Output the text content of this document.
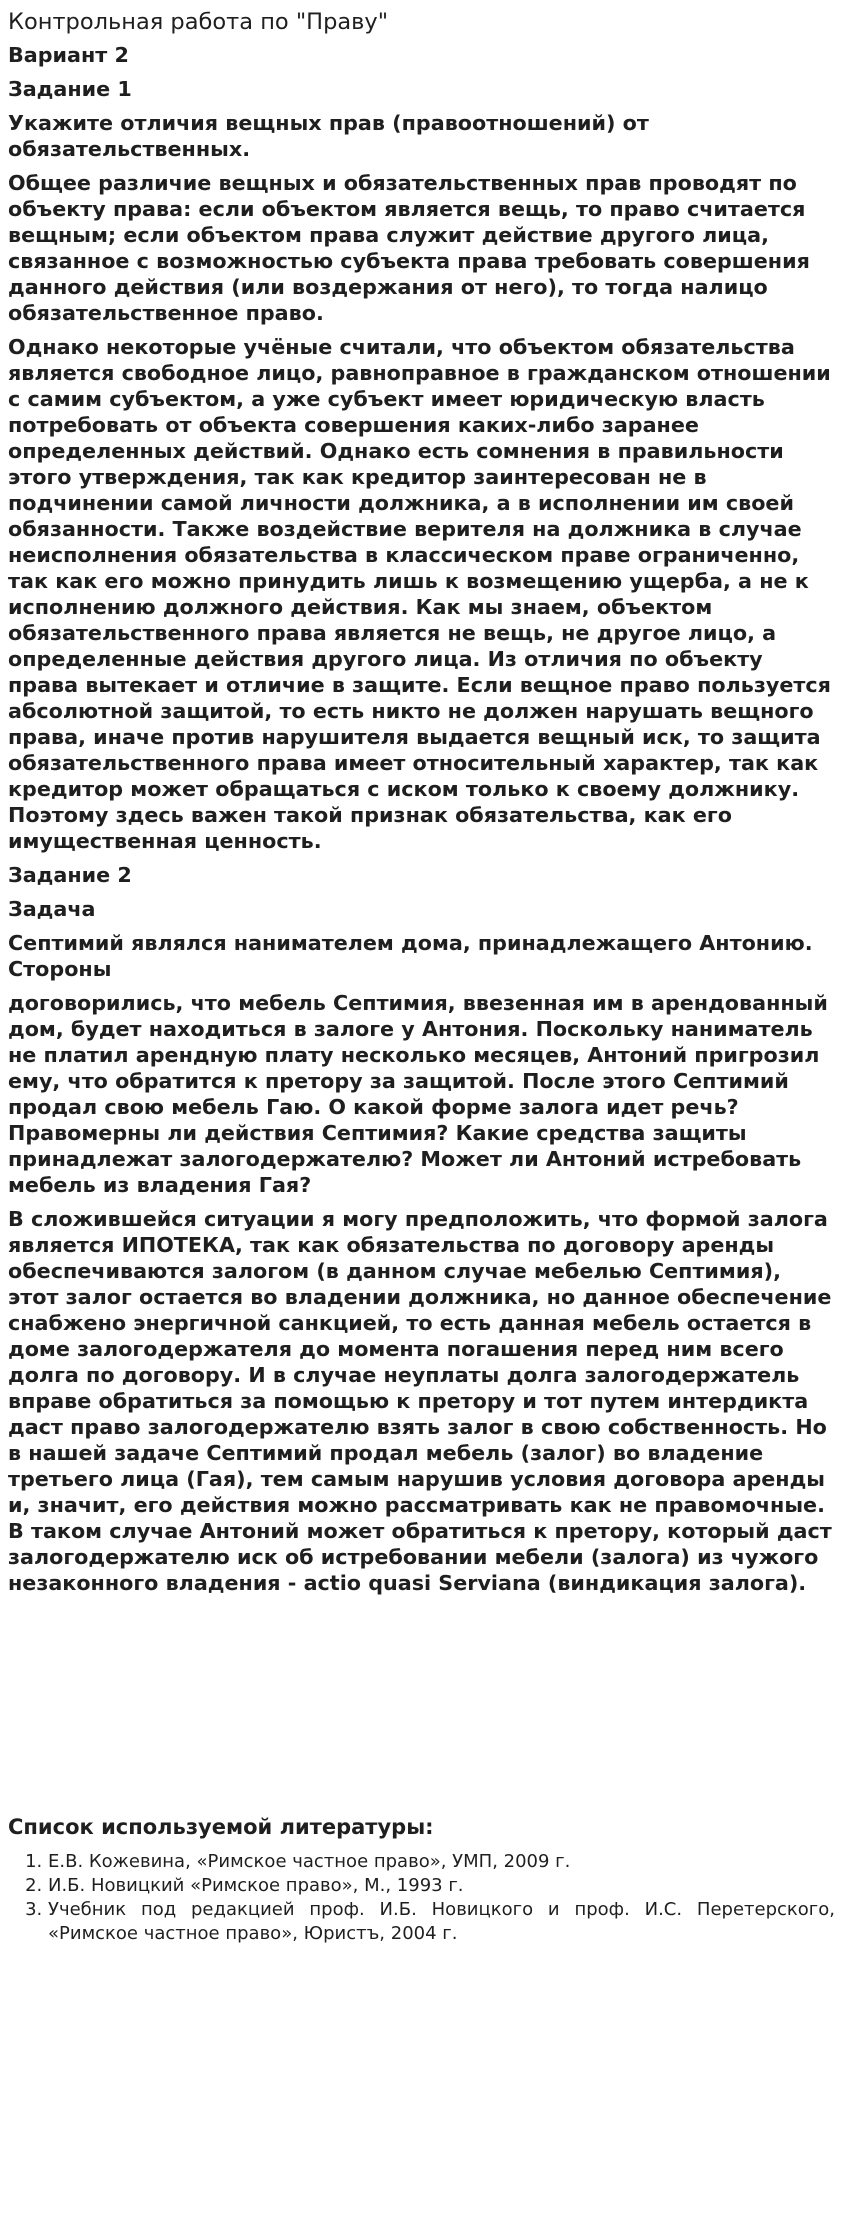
Контрольная работа по "Праву"
Вариант 2
Задание 1
Укажите отличия вещных прав (правоотношений) от обязательственных.
Общее различие вещных и обязательственных прав проводят по объекту права: если объектом является вещь, то право считается вещным; если объектом права служит действие другого лица, связанное с возможностью субъекта права требовать совершения данного действия (или воздержания от него), то тогда налицо обязательственное право.
Однако некоторые учёные считали, что объектом обязательства является свободное лицо, равноправное в гражданском отношении с самим субъектом, а уже субъект имеет юридическую власть потребовать от объекта совершения каких-либо заранее определенных действий. Однако есть сомнения в правильности этого утверждения, так как кредитор заинтересован не в подчинении самой личности должника, а в исполнении им своей обязанности. Также воздействие верителя на должника в случае неисполнения обязательства в классическом праве ограниченно, так как его можно принудить лишь к возмещению ущерба, а не к исполнению должного действия. Как мы знаем, объектом обязательственного права является не вещь, не другое лицо, а определенные действия другого лица. Из отличия по объекту права вытекает и отличие в защите. Если вещное право пользуется абсолютной защитой, то есть никто не должен нарушать вещного права, иначе против нарушителя выдается вещный иск, то защита обязательственного права имеет относительный характер, так как кредитор может обращаться с иском только к своему должнику. Поэтому здесь важен такой признак обязательства, как его имущественная ценность.
Задание 2
Задача
Септимий являлся нанимателем дома, принадлежащего Антонию. Стороны
договорились, что мебель Септимия, ввезенная им в арендованный дом, будет находиться в залоге у Антония. Поскольку наниматель не платил арендную плату несколько месяцев, Антоний пригрозил ему, что обратится к претору за защитой. После этого Септимий продал свою мебель Гаю. О какой форме залога идет речь? Правомерны ли действия Септимия? Какие средства защиты принадлежат залогодержателю? Может ли Антоний истребовать мебель из владения Гая?
В сложившейся ситуации я могу предположить, что формой залога является ИПОТЕКА, так как обязательства по договору аренды обеспечиваются залогом (в данном случае мебелью Септимия), этот залог остается во владении должника, но данное обеспечение снабжено энергичной санкцией, то есть данная мебель остается в доме залогодержателя до момента погашения перед ним всего долга по договору. И в случае неуплаты долга залогодержатель вправе обратиться за помощью к претору и тот путем интердикта даст право залогодержателю взять залог в свою собственность. Но в нашей задаче Септимий продал мебель (залог) во владение третьего лица (Гая), тем самым нарушив условия договора аренды и, значит, его действия можно рассматривать как не правомочные. В таком случае Антоний может обратиться к претору, который даст залогодержателю иск об истребовании мебели (залога) из чужого незаконного владения - actio quasi Serviana (виндикация залога).
Список используемой литературы:
1. Е.В. Кожевина, «Римское частное право», УМП, 2009 г.
2. И.Б. Новицкий «Римское право», М., 1993 г.
3. Учебник под редакцией проф. И.Б. Новицкого и проф. И.С. Перетерского, «Римское частное право», Юристъ, 2004 г.
